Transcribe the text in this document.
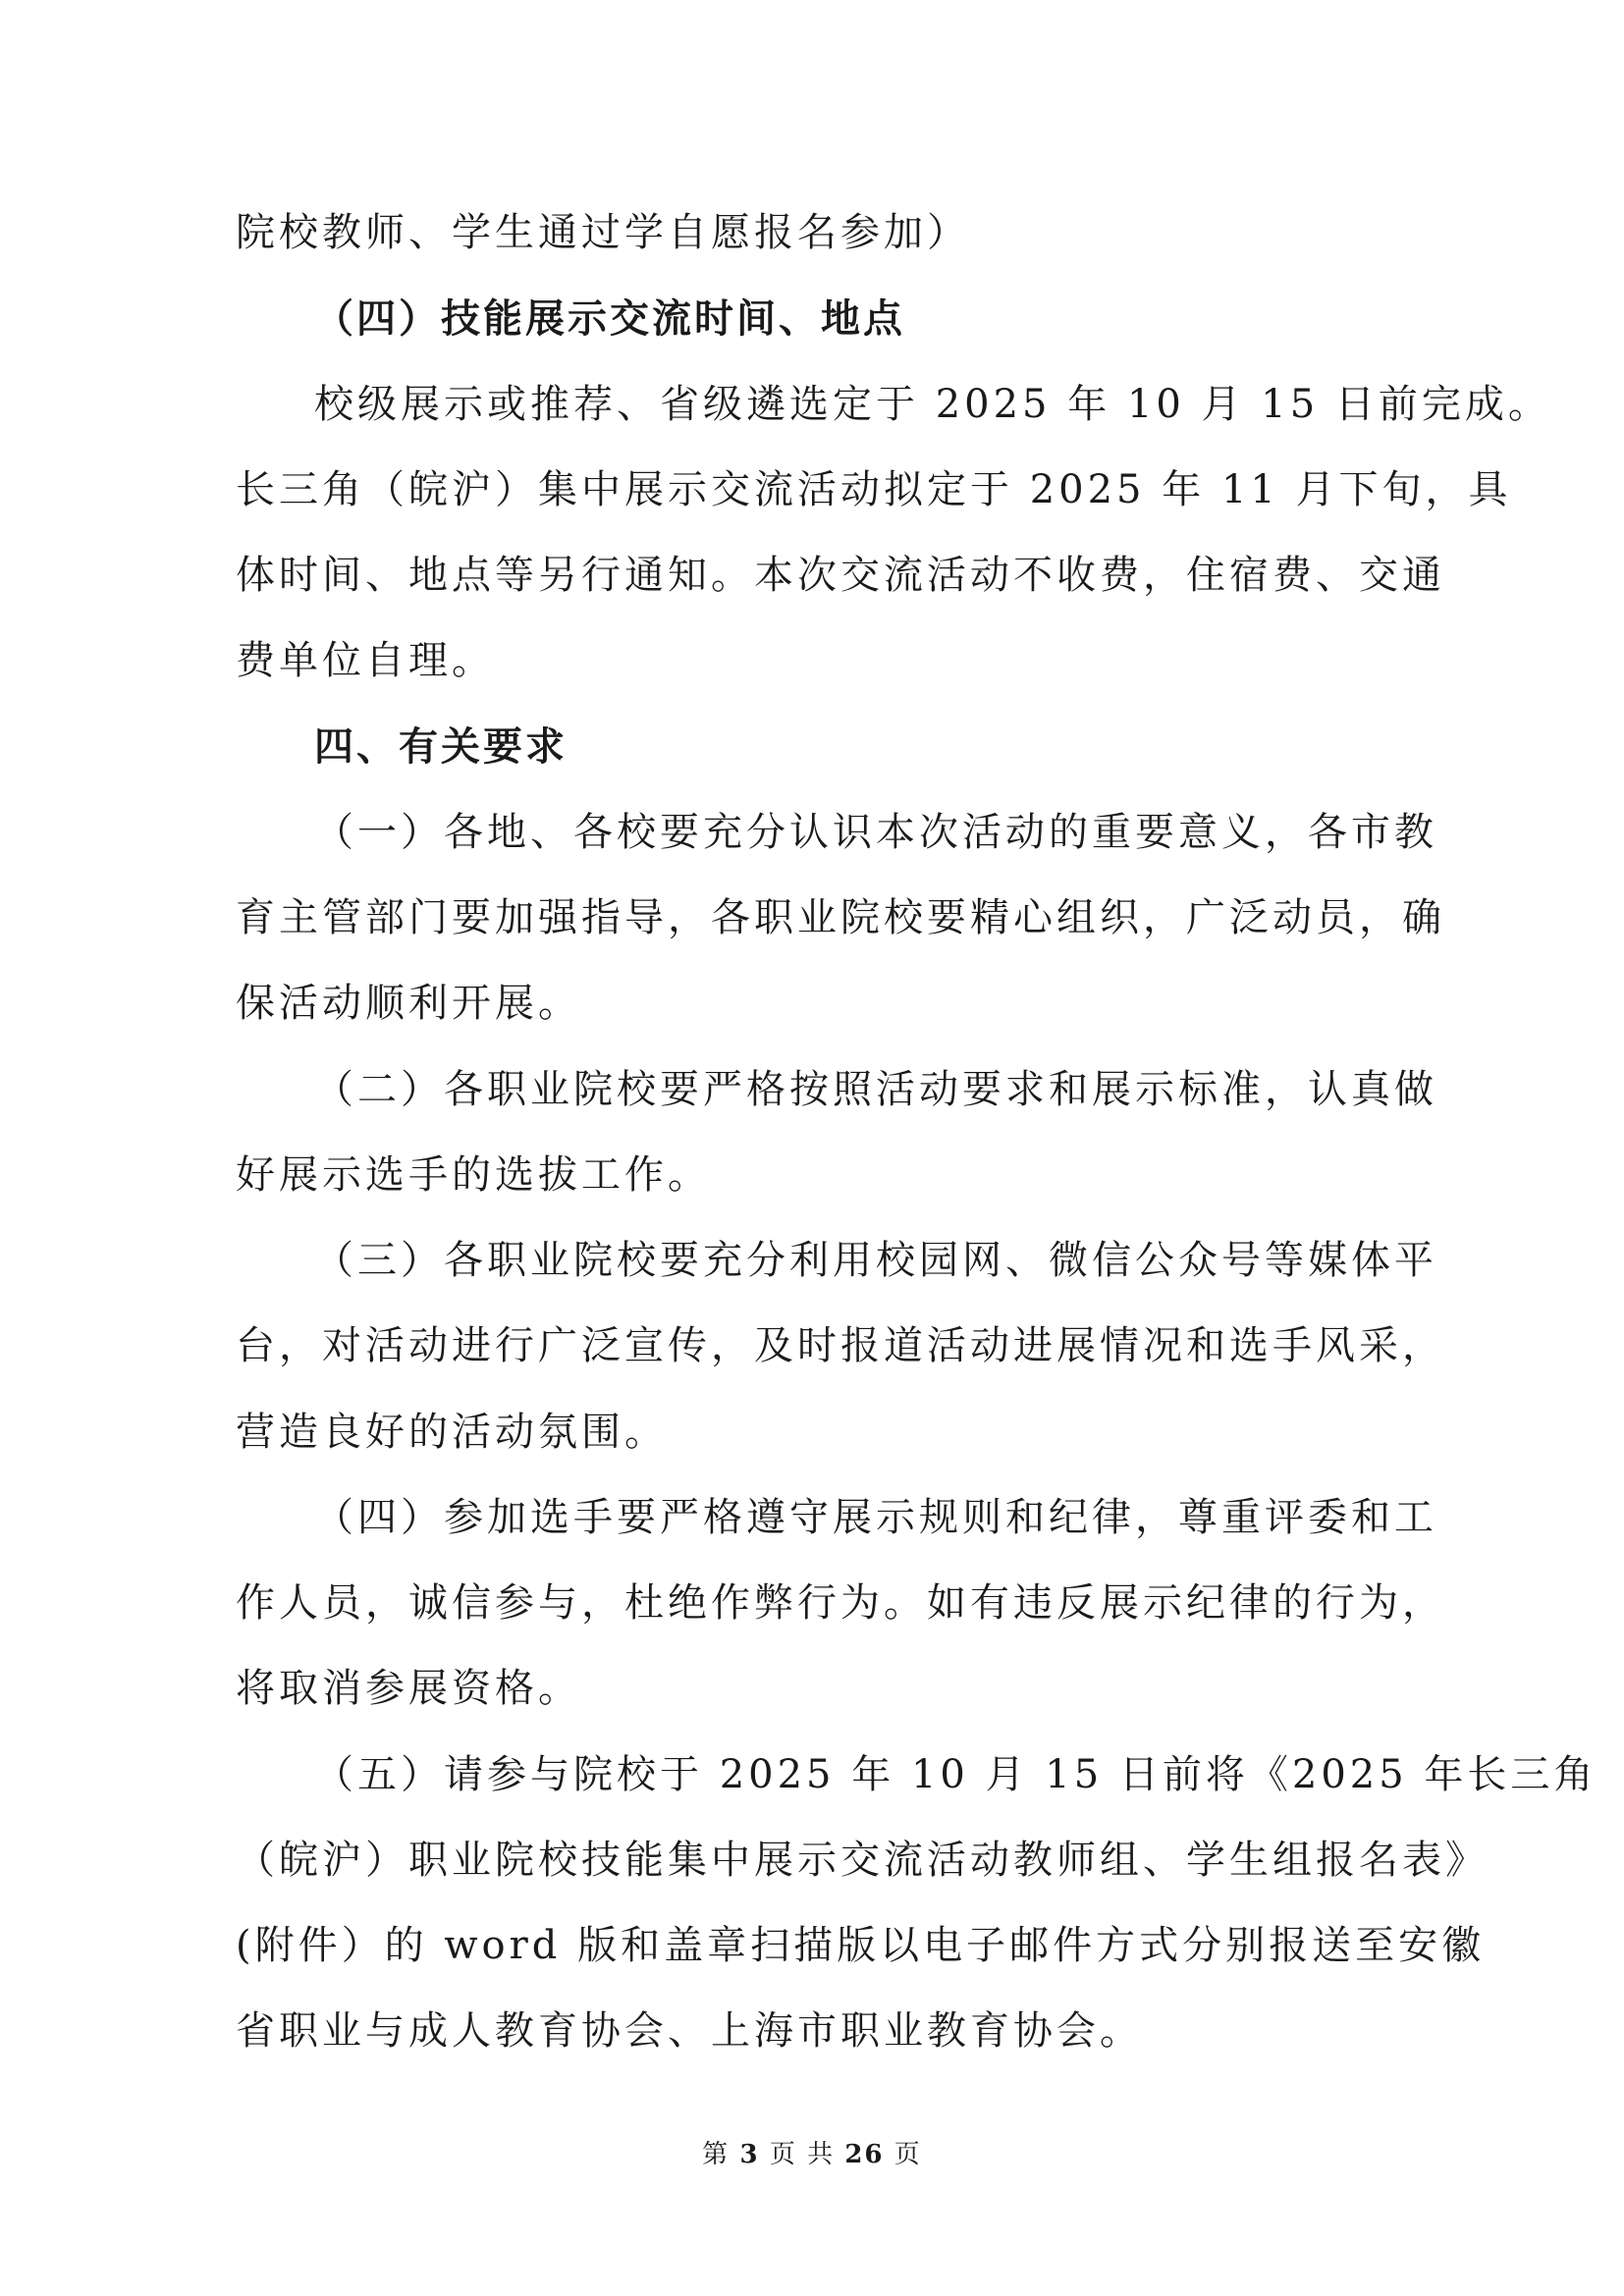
院校教师、学生通过学自愿报名参加）
（四）技能展示交流时间、地点
校级展示或推荐、省级遴选定于 2025 年 10 月 15 日前完成。
长三角（皖沪）集中展示交流活动拟定于 2025 年 11 月下旬，具
体时间、地点等另行通知。本次交流活动不收费，住宿费、交通
费单位自理。
四、有关要求
（一）各地、各校要充分认识本次活动的重要意义，各市教
育主管部门要加强指导，各职业院校要精心组织，广泛动员，确
保活动顺利开展。
（二）各职业院校要严格按照活动要求和展示标准，认真做
好展示选手的选拔工作。
（三）各职业院校要充分利用校园网、微信公众号等媒体平
台，对活动进行广泛宣传，及时报道活动进展情况和选手风采，
营造良好的活动氛围。
（四）参加选手要严格遵守展示规则和纪律，尊重评委和工
作人员，诚信参与，杜绝作弊行为。如有违反展示纪律的行为，
将取消参展资格。
（五）请参与院校于 2025 年 10 月 15 日前将《2025 年长三角
（皖沪）职业院校技能集中展示交流活动教师组、学生组报名表》
(附件）的 word 版和盖章扫描版以电子邮件方式分别报送至安徽
省职业与成人教育协会、上海市职业教育协会。
第 3 页 共 26 页
